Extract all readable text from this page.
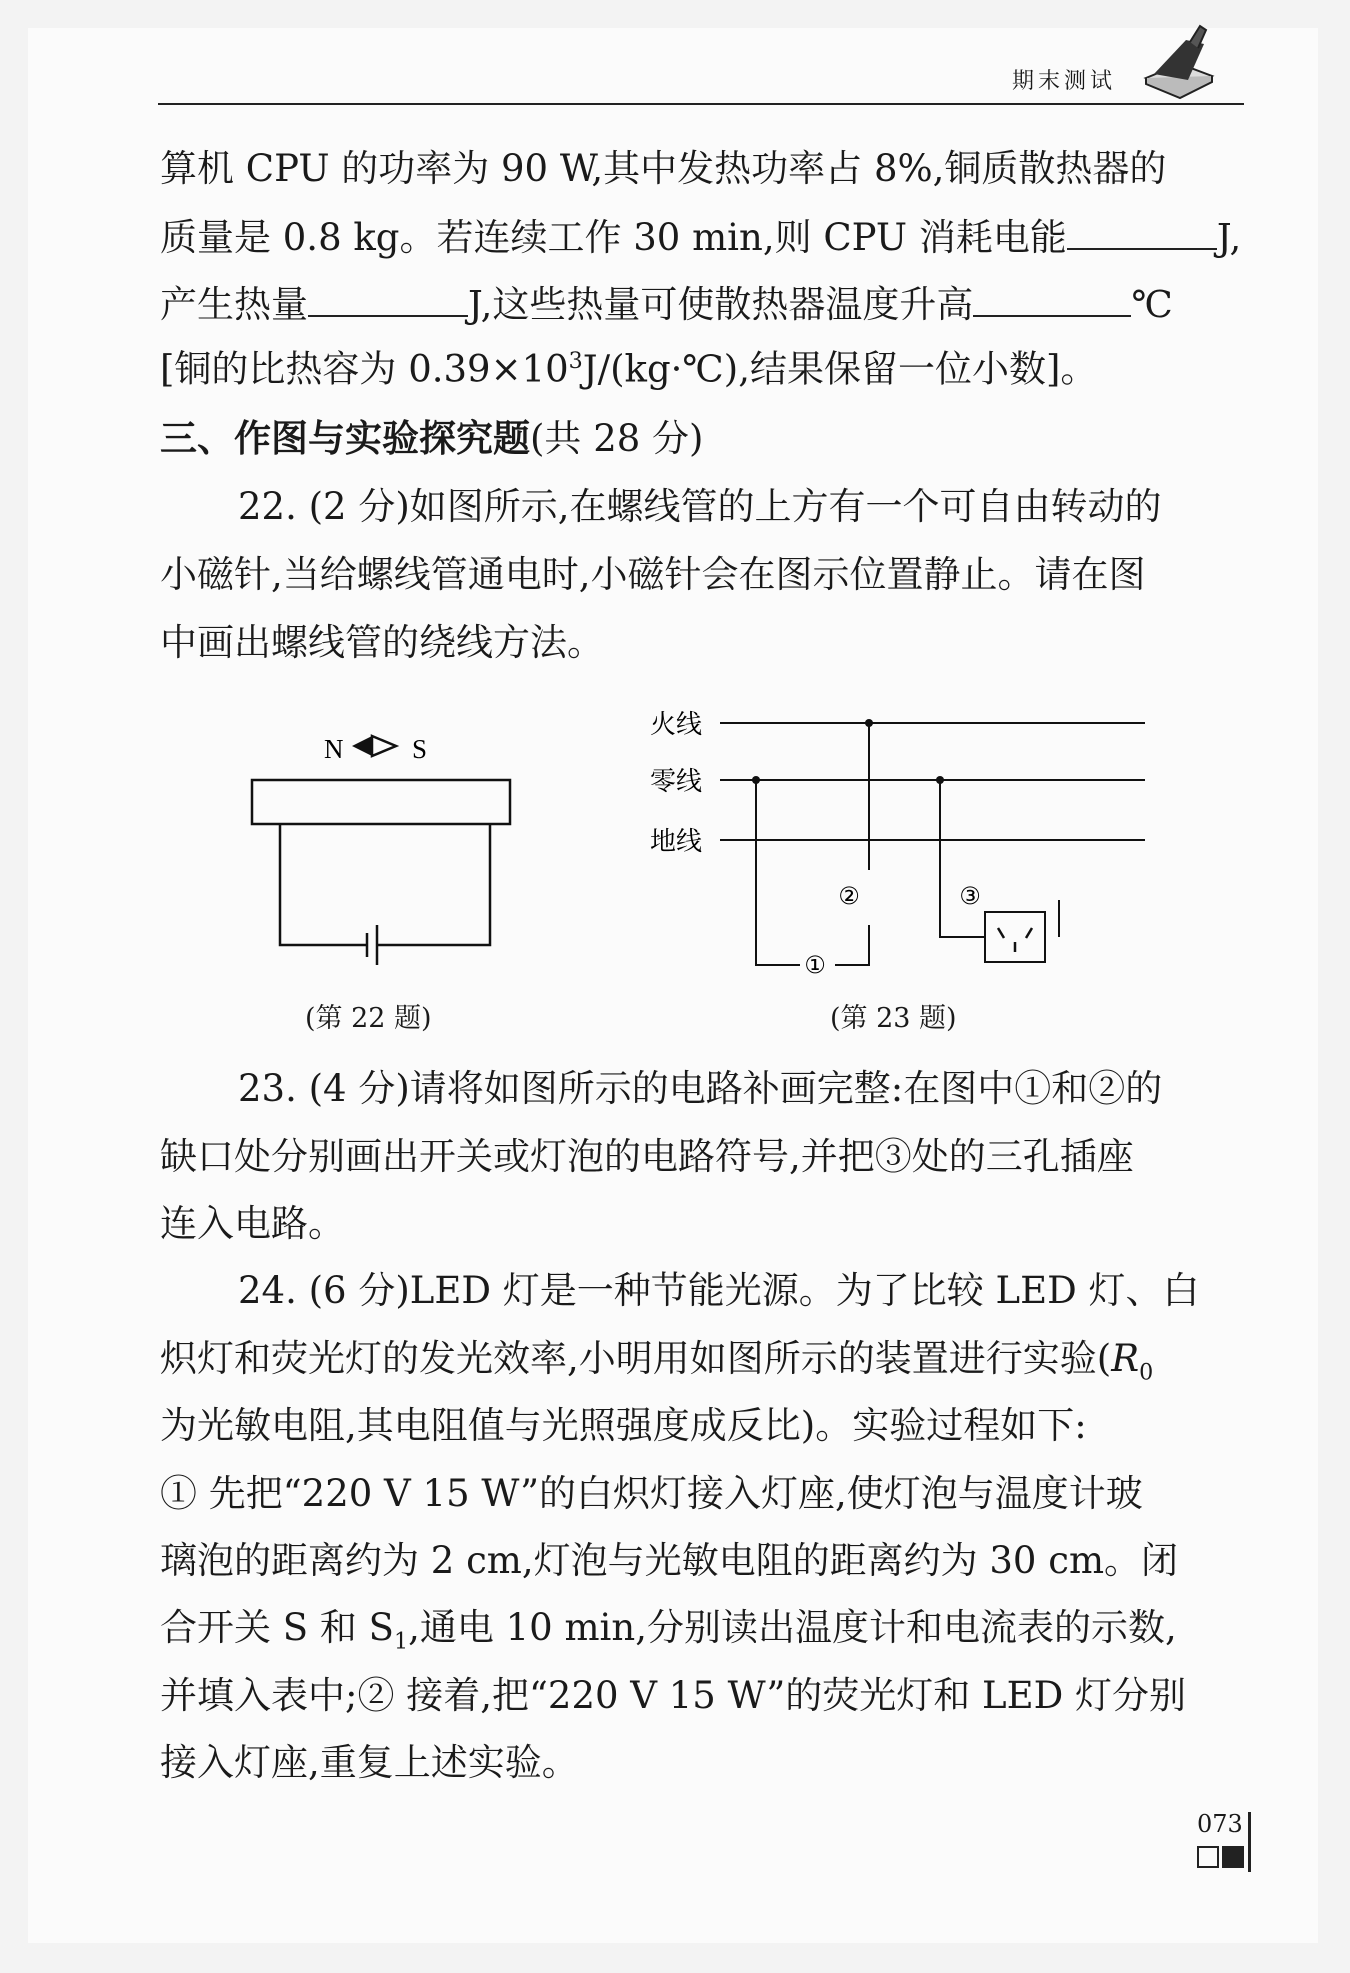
期末测试
算机 CPU 的功率为 90 W,其中发热功率占 8%,铜质散热器的
质量是 0.8 kg。若连续工作 30 min,则 CPU 消耗电能	J,
产生热量	J,这些热量可使散热器温度升高	℃
[铜的比热容为 $0.39\times 10^3J/(kg\cdot℃)$,结果保留一位小数]。
三、作图与实验探究题(共 28 分)
22. (2 分)如图所示,在螺线管的上方有一个可自由转动的
小磁针,当给螺线管通电时,小磁针会在图示位置静止。请在图
中画出螺线管的绕线方法。
N	S
(第 22 题)
火线
零线
地线
①
②	③
(第 23 题)
23. (4 分)请将如图所示的电路补画完整:在图中①和②的
缺口处分别画出开关或灯泡的电路符号,并把③处的三孔插座
连入电路。
24. (6 分)LED 灯是一种节能光源。为了比较 LED 灯、白
炽灯和荧光灯的发光效率,小明用如图所示的装置进行实验($R_0$
为光敏电阻,其电阻值与光照强度成反比)。实验过程如下:
① 先把“220 V 15 W”的白炽灯接入灯座,使灯泡与温度计玻
璃泡的距离约为 2 cm,灯泡与光敏电阻的距离约为 30 cm。闭
合开关 S 和 $S_1$,通电 10 min,分别读出温度计和电流表的示数,
并填入表中;② 接着,把“220 V 15 W”的荧光灯和 LED 灯分别
接入灯座,重复上述实验。
073
